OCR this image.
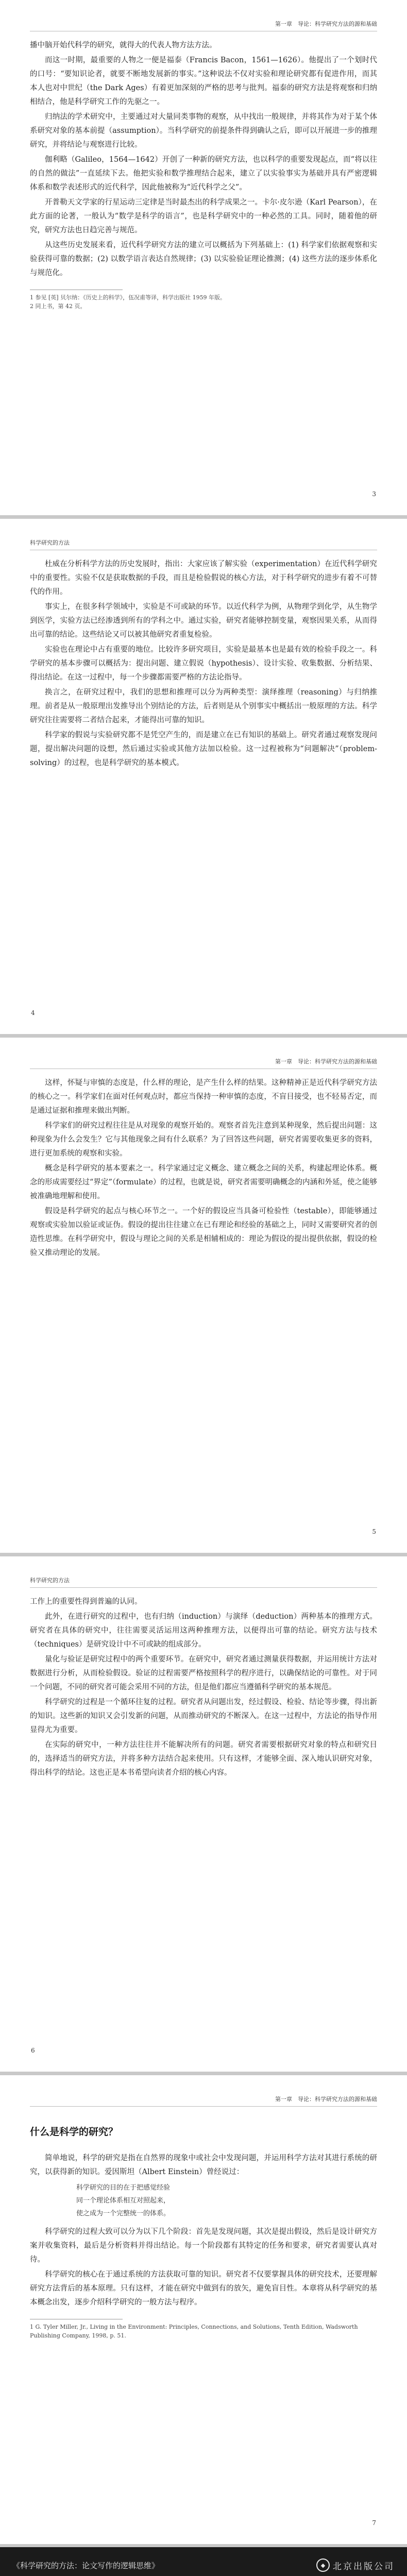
第一章　导论：科学研究方法的源和基础

播中脑开始代科学的研究，就得大的代表人物方法方法。

而这一时期，最重要的人物之一便是福泰（Francis Bacon，1561—1626）。他提出了一个划时代的口号：“要知识论者，就要不断地发展新的事实。”这种说法不仅对实验和理论研究都有促进作用，而其本人也对中世纪（the Dark Ages）有着更加深刻的严格的思考与批判。福泰的研究方法是将观察和归纳相结合，他是科学研究工作的先驱之一。

归纳法的学术研究中，主要通过对大量同类事物的观察，从中找出一般规律，并将其作为对于某个体系研究对象的基本前提（assumption）。当科学研究的前提条件得到确认之后，即可以开展进一步的推理研究，并将结论与观察进行比较。

伽利略（Galileo，1564—1642）开创了一种新的研究方法，也以科学的重要发现起点，而“将以往的自然的做法”一直延续下去。他把实验和数学推理结合起来，建立了以实验事实为基础并具有严密逻辑体系和数学表述形式的近代科学，因此他被称为“近代科学之父”。

开普勒天文学家的行星运动三定律是当时最杰出的科学成果之一。卡尔·皮尔逊（Karl Pearson），在此方面的论著，一般认为“数学是科学的语言”，也是科学研究中的一种必然的工具。同时，随着他的研究，研究方法也日趋完善与规范。

从这些历史发展来看，近代科学研究方法的建立可以概括为下列基础上：(1) 科学家们依据观察和实验获得可靠的数据；(2) 以数学语言表达自然规律；(3) 以实验验证理论推测；(4) 这些方法的逐步体系化与规范化。

1 参见 [英] 贝尔纳：《历史上的科学》，伍况甫等译，科学出版社 1959 年版。

2 同上书，第 42 页。

3
科学研究的方法

杜威在分析科学方法的历史发展时，指出：大家应该了解实验（experimentation）在近代科学研究中的重要性。实验不仅是获取数据的手段，而且是检验假说的核心方法，对于科学研究的进步有着不可替代的作用。

事实上，在很多科学领域中，实验是不可或缺的环节。以近代科学为例，从物理学到化学，从生物学到医学，实验方法已经渗透到所有的学科之中。通过实验，研究者能够控制变量，观察因果关系，从而得出可靠的结论。这些结论又可以被其他研究者重复检验。

实验也在理论中占有重要的地位。比较许多研究项目，实验是最基本也是最有效的检验手段之一。科学研究的基本步骤可以概括为：提出问题、建立假说（hypothesis）、设计实验、收集数据、分析结果、得出结论。在这一过程中，每一个步骤都需要严格的方法论指导。

换言之，在研究过程中，我们的思想和推理可以分为两种类型：演绎推理（reasoning）与归纳推理。前者是从一般原理出发推导出个别结论的方法，后者则是从个别事实中概括出一般原理的方法。科学研究往往需要将二者结合起来，才能得出可靠的知识。

科学家的假说与实验研究都不是凭空产生的，而是建立在已有知识的基础上。研究者通过观察发现问题，提出解决问题的设想，然后通过实验或其他方法加以检验。这一过程被称为“问题解决”（problem-solving）的过程，也是科学研究的基本模式。

4
第一章　导论：科学研究方法的源和基础

这样，怀疑与审慎的态度是，什么样的理论，是产生什么样的结果。这种精神正是近代科学研究方法的核心之一。科学家们在面对任何观点时，都应当保持一种审慎的态度，不盲目接受，也不轻易否定，而是通过证据和推理来做出判断。

科学家们的研究过程往往是从对现象的观察开始的。观察者首先注意到某种现象，然后提出问题：这种现象为什么会发生？它与其他现象之间有什么联系？为了回答这些问题，研究者需要收集更多的资料，进行更加系统的观察和实验。

概念是科学研究的基本要素之一。科学家通过定义概念、建立概念之间的关系，构建起理论体系。概念的形成需要经过“界定”（formulate）的过程，也就是说，研究者需要明确概念的内涵和外延，使之能够被准确地理解和使用。

假设是科学研究的起点与核心环节之一。一个好的假设应当具备可检验性（testable），即能够通过观察或实验加以验证或证伪。假设的提出往往建立在已有理论和经验的基础之上，同时又需要研究者的创造性思维。在科学研究中，假设与理论之间的关系是相辅相成的：理论为假设的提出提供依据，假设的检验又推动理论的发展。

5
科学研究的方法

工作上的重要性得到普遍的认同。

此外，在进行研究的过程中，也有归纳（induction）与演绎（deduction）两种基本的推理方式。研究者在具体的研究中，往往需要灵活运用这两种推理方法，以便得出可靠的结论。研究方法与技术（techniques）是研究设计中不可或缺的组成部分。

量化与验证是研究过程中的两个重要环节。在研究中，研究者通过测量获得数据，并运用统计方法对数据进行分析，从而检验假设。验证的过程需要严格按照科学的程序进行，以确保结论的可靠性。对于同一个问题，不同的研究者可能会采用不同的方法，但是他们都应当遵循科学研究的基本规范。

科学研究的过程是一个循环往复的过程。研究者从问题出发，经过假设、检验、结论等步骤，得出新的知识。这些新的知识又会引发新的问题，从而推动研究的不断深入。在这一过程中，方法论的指导作用显得尤为重要。

在实际的研究中，一种方法往往并不能解决所有的问题。研究者需要根据研究对象的特点和研究目的，选择适当的研究方法，并将多种方法结合起来使用。只有这样，才能够全面、深入地认识研究对象，得出科学的结论。这也正是本书希望向读者介绍的核心内容。

6
第一章　导论：科学研究方法的源和基础
什么是科学的研究？

简单地说，科学的研究是指在自然界的现象中或社会中发现问题，并运用科学方法对其进行系统的研究，以获得新的知识。爱因斯坦（Albert Einstein）曾经说过：

科学研究的目的在于把感觉经验
同一个理论体系相互对照起来，
使之成为一个完整统一的体系。

科学研究的过程大致可以分为以下几个阶段：首先是发现问题，其次是提出假设，然后是设计研究方案并收集资料，最后是分析资料并得出结论。每一个阶段都有其特定的任务和要求，研究者需要认真对待。

科学研究的核心在于通过系统的方法获取可靠的知识。研究者不仅要掌握具体的研究技术，还要理解研究方法背后的基本原理。只有这样，才能在研究中做到有的放矢，避免盲目性。本章将从科学研究的基本概念出发，逐步介绍科学研究的一般方法与程序。

1 G. Tyler Miller, Jr., Living in the Environment: Principles, Connections, and Solutions, Tenth Edition, Wadsworth Publishing Company, 1998, p. 51.

7
《科学研究的方法：论文写作的逻辑思维》	◆ 北京出版公司
